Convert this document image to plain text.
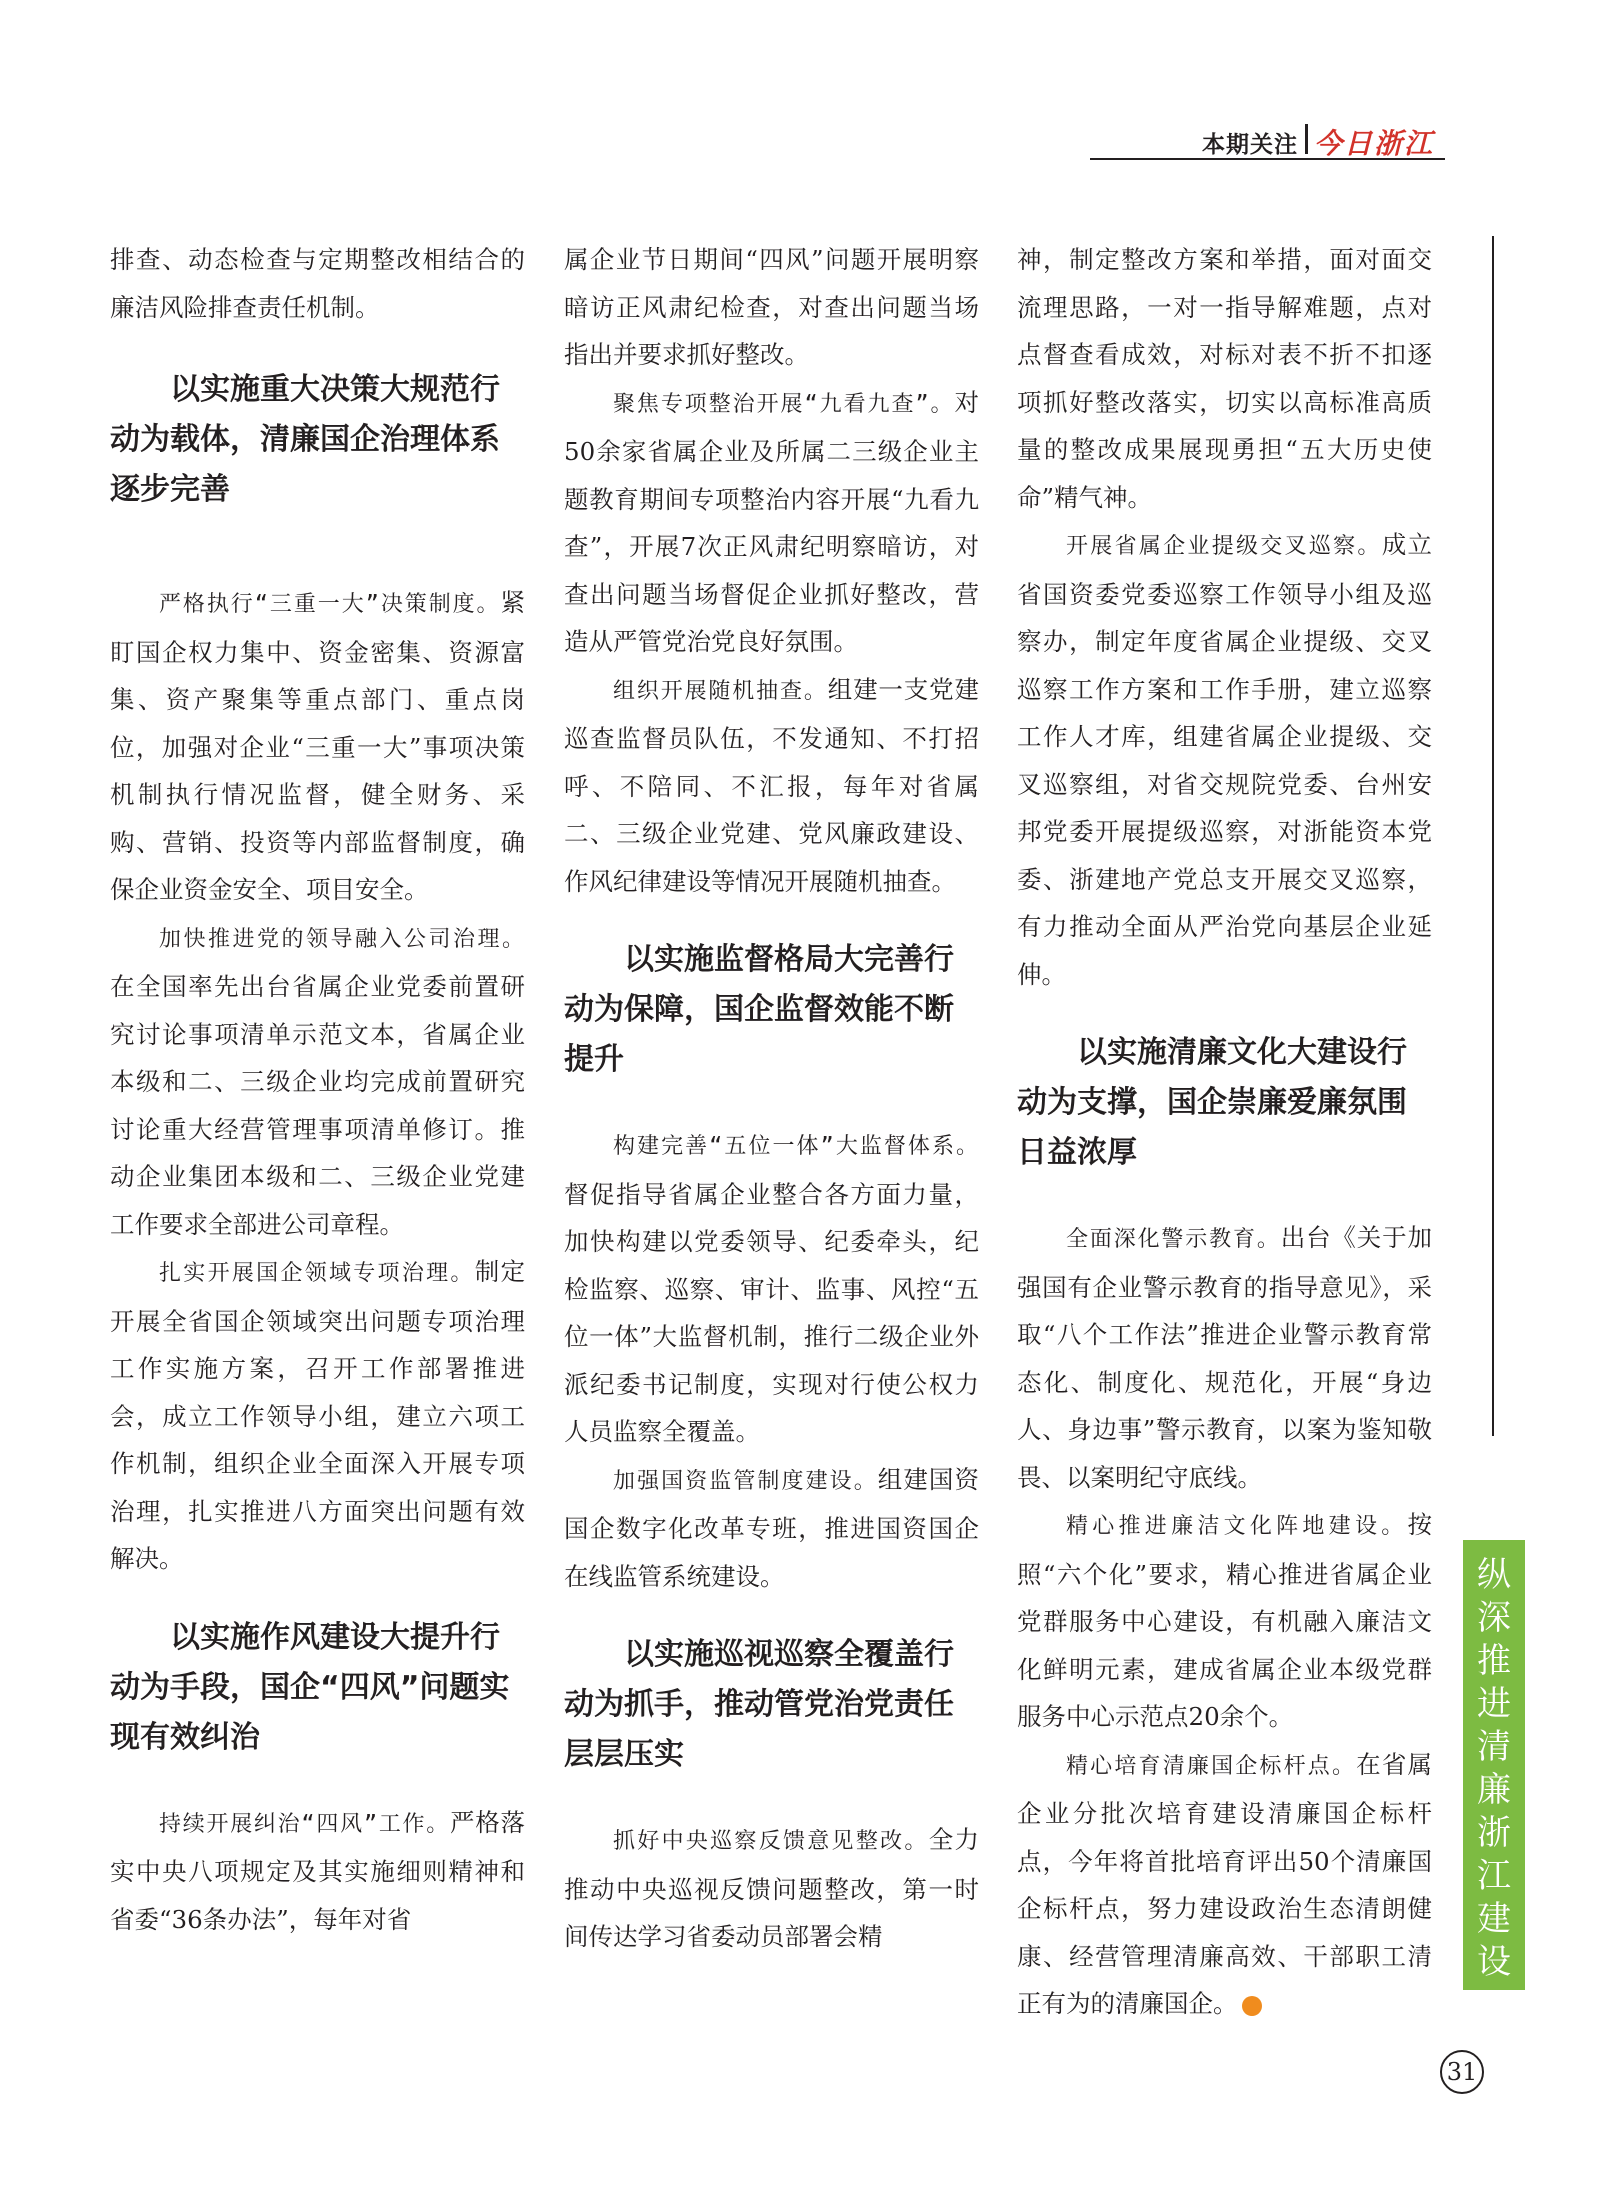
本期关注 今日浙江

排查、动态检查与定期整改相结合的廉洁风险排查责任机制。

以实施重大决策大规范行动为载体，清廉国企治理体系逐步完善

严格执行“三重一大”决策制度。紧盯国企权力集中、资金密集、资源富集、资产聚集等重点部门、重点岗位，加强对企业“三重一大”事项决策机制执行情况监督，健全财务、采购、营销、投资等内部监督制度，确保企业资金安全、项目安全。

加快推进党的领导融入公司治理。在全国率先出台省属企业党委前置研究讨论事项清单示范文本，省属企业本级和二、三级企业均完成前置研究讨论重大经营管理事项清单修订。推动企业集团本级和二、三级企业党建工作要求全部进公司章程。

扎实开展国企领域专项治理。制定开展全省国企领域突出问题专项治理工作实施方案，召开工作部署推进会，成立工作领导小组，建立六项工作机制，组织企业全面深入开展专项治理，扎实推进八方面突出问题有效解决。

以实施作风建设大提升行动为手段，国企“四风”问题实现有效纠治

持续开展纠治“四风”工作。严格落实中央八项规定及其实施细则精神和省委“36条办法”，每年对省

属企业节日期间“四风”问题开展明察暗访正风肃纪检查，对查出问题当场指出并要求抓好整改。

聚焦专项整治开展“九看九查”。对50余家省属企业及所属二三级企业主题教育期间专项整治内容开展“九看九查”，开展7次正风肃纪明察暗访，对查出问题当场督促企业抓好整改，营造从严管党治党良好氛围。

组织开展随机抽查。组建一支党建巡查监督员队伍，不发通知、不打招呼、不陪同、不汇报，每年对省属二、三级企业党建、党风廉政建设、作风纪律建设等情况开展随机抽查。

以实施监督格局大完善行动为保障，国企监督效能不断提升

构建完善“五位一体”大监督体系。督促指导省属企业整合各方面力量，加快构建以党委领导、纪委牵头，纪检监察、巡察、审计、监事、风控“五位一体”大监督机制，推行二级企业外派纪委书记制度，实现对行使公权力人员监察全覆盖。

加强国资监管制度建设。组建国资国企数字化改革专班，推进国资国企在线监管系统建设。

以实施巡视巡察全覆盖行动为抓手，推动管党治党责任层层压实

抓好中央巡察反馈意见整改。全力推动中央巡视反馈问题整改，第一时间传达学习省委动员部署会精

神，制定整改方案和举措，面对面交流理思路，一对一指导解难题，点对点督查看成效，对标对表不折不扣逐项抓好整改落实，切实以高标准高质量的整改成果展现勇担“五大历史使命”精气神。

开展省属企业提级交叉巡察。成立省国资委党委巡察工作领导小组及巡察办，制定年度省属企业提级、交叉巡察工作方案和工作手册，建立巡察工作人才库，组建省属企业提级、交叉巡察组，对省交规院党委、台州安邦党委开展提级巡察，对浙能资本党委、浙建地产党总支开展交叉巡察，有力推动全面从严治党向基层企业延伸。

以实施清廉文化大建设行动为支撑，国企崇廉爱廉氛围日益浓厚

全面深化警示教育。出台《关于加强国有企业警示教育的指导意见》，采取“八个工作法”推进企业警示教育常态化、制度化、规范化，开展“身边人、身边事”警示教育，以案为鉴知敬畏、以案明纪守底线。

精心推进廉洁文化阵地建设。按照“六个化”要求，精心推进省属企业党群服务中心建设，有机融入廉洁文化鲜明元素，建成省属企业本级党群服务中心示范点20余个。

精心培育清廉国企标杆点。在省属企业分批次培育建设清廉国企标杆点，今年将首批培育评出50个清廉国企标杆点，努力建设政治生态清朗健康、经营管理清廉高效、干部职工清正有为的清廉国企。

纵
深
推
进
清
廉
浙
江
建
设
31
